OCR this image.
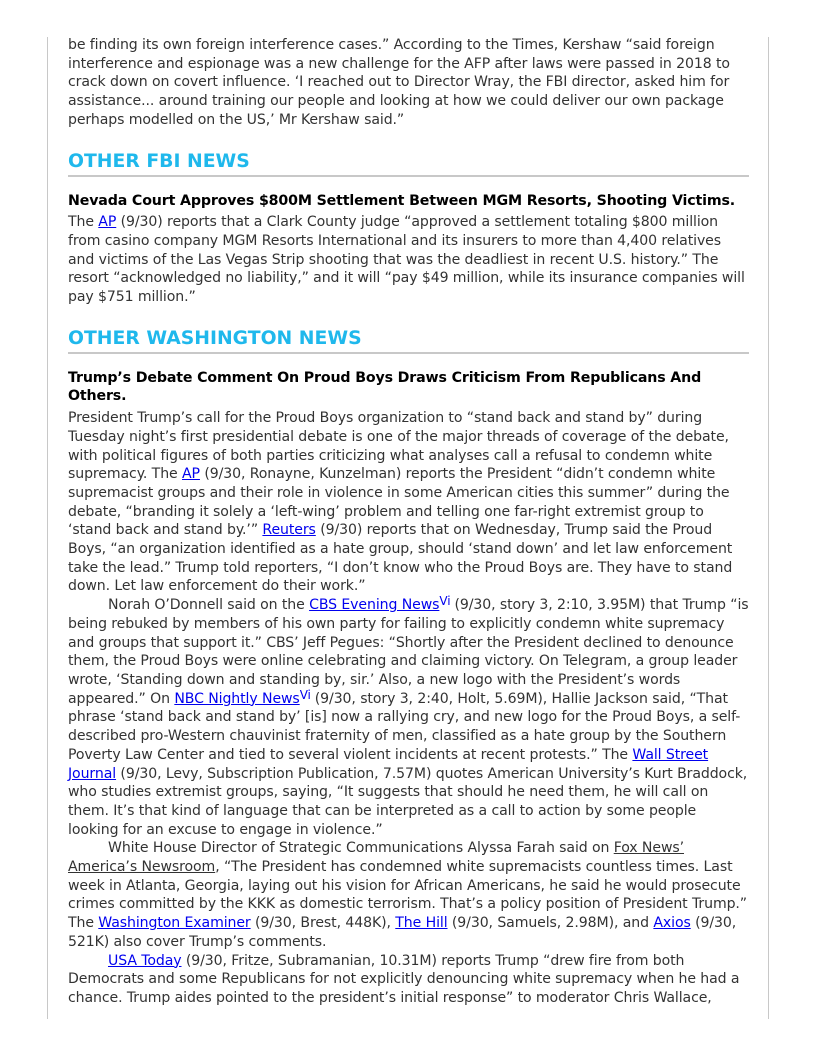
be finding its own foreign interference cases.” According to the Times, Kershaw “said foreign interference and espionage was a new challenge for the AFP after laws were passed in 2018 to crack down on covert influence. ‘I reached out to Director Wray, the FBI director, asked him for assistance... around training our people and looking at how we could deliver our own package perhaps modelled on the US,’ Mr Kershaw said.”

OTHER FBI NEWS
Nevada Court Approves $800M Settlement Between MGM Resorts, Shooting Victims.

The AP (9/30) reports that a Clark County judge “approved a settlement totaling $800 million from casino company MGM Resorts International and its insurers to more than 4,400 relatives and victims of the Las Vegas Strip shooting that was the deadliest in recent U.S. history.” The resort “acknowledged no liability,” and it will “pay $49 million, while its insurance companies will pay $751 million.”

OTHER WASHINGTON NEWS
Trump’s Debate Comment On Proud Boys Draws Criticism From Republicans And Others.

President Trump’s call for the Proud Boys organization to “stand back and stand by” during Tuesday night’s first presidential debate is one of the major threads of coverage of the debate, with political figures of both parties criticizing what analyses call a refusal to condemn white supremacy. The AP (9/30, Ronayne, Kunzelman) reports the President “didn’t condemn white supremacist groups and their role in violence in some American cities this summer” during the debate, “branding it solely a ‘left-wing’ problem and telling one far-right extremist group to ‘stand back and stand by.’” Reuters (9/30) reports that on Wednesday, Trump said the Proud Boys, “an organization identified as a hate group, should ‘stand down’ and let law enforcement take the lead.” Trump told reporters, “I don’t know who the Proud Boys are. They have to stand down. Let law enforcement do their work.”

Norah O’Donnell said on the CBS Evening News$^{Vi}$ (9/30, story 3, 2:10, 3.95M) that Trump “is being rebuked by members of his own party for failing to explicitly condemn white supremacy and groups that support it.” CBS’ Jeff Pegues: “Shortly after the President declined to denounce them, the Proud Boys were online celebrating and claiming victory. On Telegram, a group leader wrote, ‘Standing down and standing by, sir.’ Also, a new logo with the President’s words appeared.” On NBC Nightly News$^{Vi}$ (9/30, story 3, 2:40, Holt, 5.69M), Hallie Jackson said, “That phrase ‘stand back and stand by’ [is] now a rallying cry, and new logo for the Proud Boys, a self-described pro-Western chauvinist fraternity of men, classified as a hate group by the Southern Poverty Law Center and tied to several violent incidents at recent protests.” The Wall Street Journal (9/30, Levy, Subscription Publication, 7.57M) quotes American University’s Kurt Braddock, who studies extremist groups, saying, “It suggests that should he need them, he will call on them. It’s that kind of language that can be interpreted as a call to action by some people looking for an excuse to engage in violence.”

White House Director of Strategic Communications Alyssa Farah said on Fox News’ America’s Newsroom, “The President has condemned white supremacists countless times. Last week in Atlanta, Georgia, laying out his vision for African Americans, he said he would prosecute crimes committed by the KKK as domestic terrorism. That’s a policy position of President Trump.” The Washington Examiner (9/30, Brest, 448K), The Hill (9/30, Samuels, 2.98M), and Axios (9/30, 521K) also cover Trump’s comments.

USA Today (9/30, Fritze, Subramanian, 10.31M) reports Trump “drew fire from both Democrats and some Republicans for not explicitly denouncing white supremacy when he had a chance. Trump aides pointed to the president’s initial response” to moderator Chris Wallace,
